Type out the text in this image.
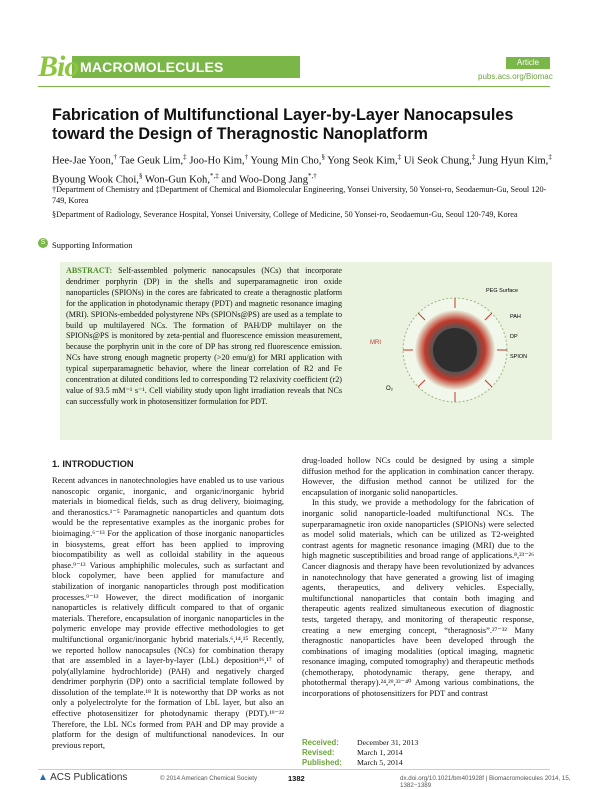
Bio MACROMOLECULES	Article
pubs.acs.org/Biomac
Fabrication of Multifunctional Layer-by-Layer Nanocapsules toward the Design of Theragnostic Nanoplatform
Hee-Jae Yoon,† Tae Geuk Lim,‡ Joo-Ho Kim,† Young Min Cho,§ Yong Seok Kim,‡ Ui Seok Chung,‡ Jung Hyun Kim,‡ Byoung Wook Choi,§ Won-Gun Koh,*,‡ and Woo-Dong Jang*,†
†Department of Chemistry and ‡Department of Chemical and Biomolecular Engineering, Yonsei University, 50 Yonsei-ro, Seodaemun-Gu, Seoul 120-749, Korea
§Department of Radiology, Severance Hospital, Yonsei University, College of Medicine, 50 Yonsei-ro, Seodaemun-Gu, Seoul 120-749, Korea
S Supporting Information
ABSTRACT: Self-assembled polymeric nanocapsules (NCs) that incorporate dendrimer porphyrin (DP) in the shells and superparamagnetic iron oxide nanoparticles (SPIONs) in the cores are fabricated to create a theragnostic platform for the application in photodynamic therapy (PDT) and magnetic resonance imaging (MRI). SPIONs-embedded polystyrene NPs (SPIONs@PS) are used as a template to build up multilayered NCs. The formation of PAH/DP multilayer on the SPIONs@PS is monitored by zeta-pential and fluorescence emission measurement, because the porphyrin unit in the core of DP has strong red fluorescence emission. NCs have strong enough magnetic property (>20 emu/g) for MRI application with typical superparamagnetic behavior, where the linear correlation of R2 and Fe concentration at diluted conditions led to corresponding T2 relaxivity coefficient (r2) value of 93.5 mM⁻¹ s⁻¹. Cell viability study upon light irradiation reveals that NCs can successfully work in photosensitizer formulation for PDT.
PEG Surface
PAH
DP
SPION
MRI
O₂
1. INTRODUCTION

Recent advances in nanotechnologies have enabled us to use various nanoscopic organic, inorganic, and organic/inorganic hybrid materials in biomedical fields, such as drug delivery, bioimaging, and theranostics.¹⁻⁵ Paramagnetic nanoparticles and quantum dots would be the representative examples as the inorganic probes for bioimaging.⁶⁻¹³ For the application of those inorganic nanoparticles in biosystems, great effort has been applied to improving biocompatibility as well as colloidal stability in the aqueous phase.⁹⁻¹³ Various amphiphilic molecules, such as surfactant and block copolymer, have been applied for manufacture and stabilization of inorganic nanoparticles through post modification processes.⁹⁻¹³ However, the direct modification of inorganic nanoparticles is relatively difficult compared to that of organic materials. Therefore, encapsulation of inorganic nanoparticles in the polymeric envelope may provide effective methodologies to get multifunctional organic/inorganic hybrid materials.⁶,¹⁴,¹⁵ Recently, we reported hollow nanocapsules (NCs) for combination therapy that are assembled in a layer-by-layer (LbL) deposition¹⁶,¹⁷ of poly(allylamine hydrochloride) (PAH) and negatively charged dendrimer porphyrin (DP) onto a sacrificial template followed by dissolution of the template.¹⁸ It is noteworthy that DP works as not only a polyelectrolyte for the formation of LbL layer, but also an effective photosensitizer for photodynamic therapy (PDT).¹⁹⁻²² Therefore, the LbL NCs formed from PAH and DP may provide a platform for the design of multifunctional nanodevices. In our previous report,

drug-loaded hollow NCs could be designed by using a simple diffusion method for the application in combination cancer therapy. However, the diffusion method cannot be utilized for the encapsulation of inorganic solid nanoparticles.

In this study, we provide a methodology for the fabrication of inorganic solid nanoparticle-loaded multifunctional NCs. The superparamagnetic iron oxide nanoparticles (SPIONs) were selected as model solid materials, which can be utilized as T2-weighted contrast agents for magnetic resonance imaging (MRI) due to the high magnetic susceptibilities and broad range of applications.⁸,²³⁻²⁶ Cancer diagnosis and therapy have been revolutionized by advances in nanotechnology that have generated a growing list of imaging agents, therapeutics, and delivery vehicles. Especially, multifunctional nanoparticles that contain both imaging and therapeutic agents realized simultaneous execution of diagnostic tests, targeted therapy, and monitoring of therapeutic response, creating a new emerging concept, “theragnosis”.²⁷⁻³² Many theragnostic nanoparticles have been developed through the combinations of imaging modalities (optical imaging, magnetic resonance imaging, computed tomography) and therapeutic methods (chemotherapy, photodynamic therapy, gene therapy, and photothermal therapy).²⁴,²⁹,³³⁻⁴⁰ Among various combinations, the incorporations of photosensitizers for PDT and contrast

Received: December 31, 2013
Revised:	March 1, 2014
Published: March 5, 2014
▲ ACS Publications	© 2014 American Chemical Society	1382	dx.doi.org/10.1021/bm401928f | Biomacromolecules 2014, 15, 1382−1389
